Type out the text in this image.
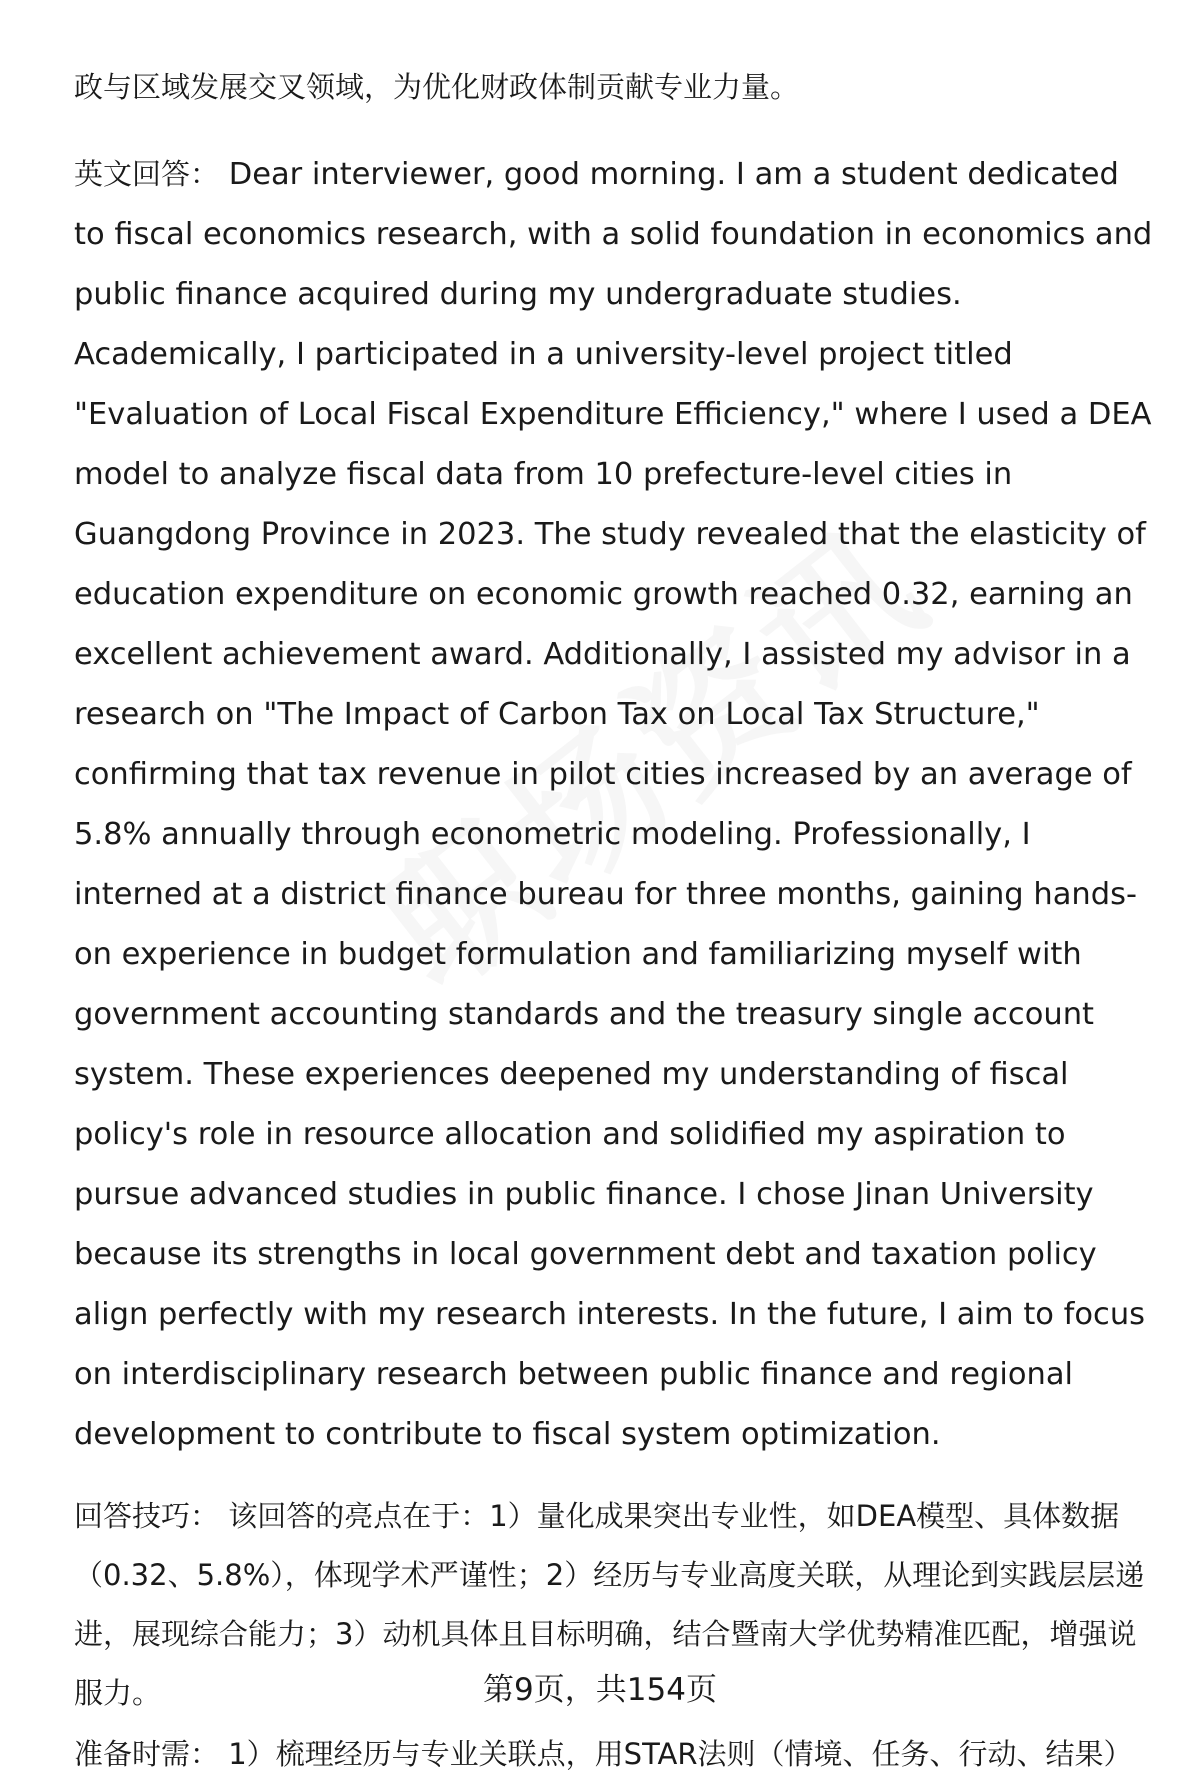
政与区域发展交叉领域，为优化财政体制贡献专业力量。

英文回答： Dear interviewer, good morning. I am a student dedicated to fiscal economics research, with a solid foundation in economics and public finance acquired during my undergraduate studies. Academically, I participated in a university-level project titled "Evaluation of Local Fiscal Expenditure Efficiency," where I used a DEA model to analyze fiscal data from 10 prefecture-level cities in Guangdong Province in 2023. The study revealed that the elasticity of education expenditure on economic growth reached 0.32, earning an excellent achievement award. Additionally, I assisted my advisor in a research on "The Impact of Carbon Tax on Local Tax Structure," confirming that tax revenue in pilot cities increased by an average of 5.8% annually through econometric modeling. Professionally, I interned at a district finance bureau for three months, gaining hands-on experience in budget formulation and familiarizing myself with government accounting standards and the treasury single account system. These experiences deepened my understanding of fiscal policy's role in resource allocation and solidified my aspiration to pursue advanced studies in public finance. I chose Jinan University because its strengths in local government debt and taxation policy align perfectly with my research interests. In the future, I aim to focus on interdisciplinary research between public finance and regional development to contribute to fiscal system optimization.
回答技巧： 该回答的亮点在于：1）量化成果突出专业性，如DEA模型、具体数据（0.32、5.8%），体现学术严谨性；2）经历与专业高度关联，从理论到实践层层递进，展现综合能力；3）动机具体且目标明确，结合暨南大学优势精准匹配，增强说服力。
准备时需： 1）梳理经历与专业关联点，用STAR法则（情境、任务、行动、结果）
第9页，共154页
